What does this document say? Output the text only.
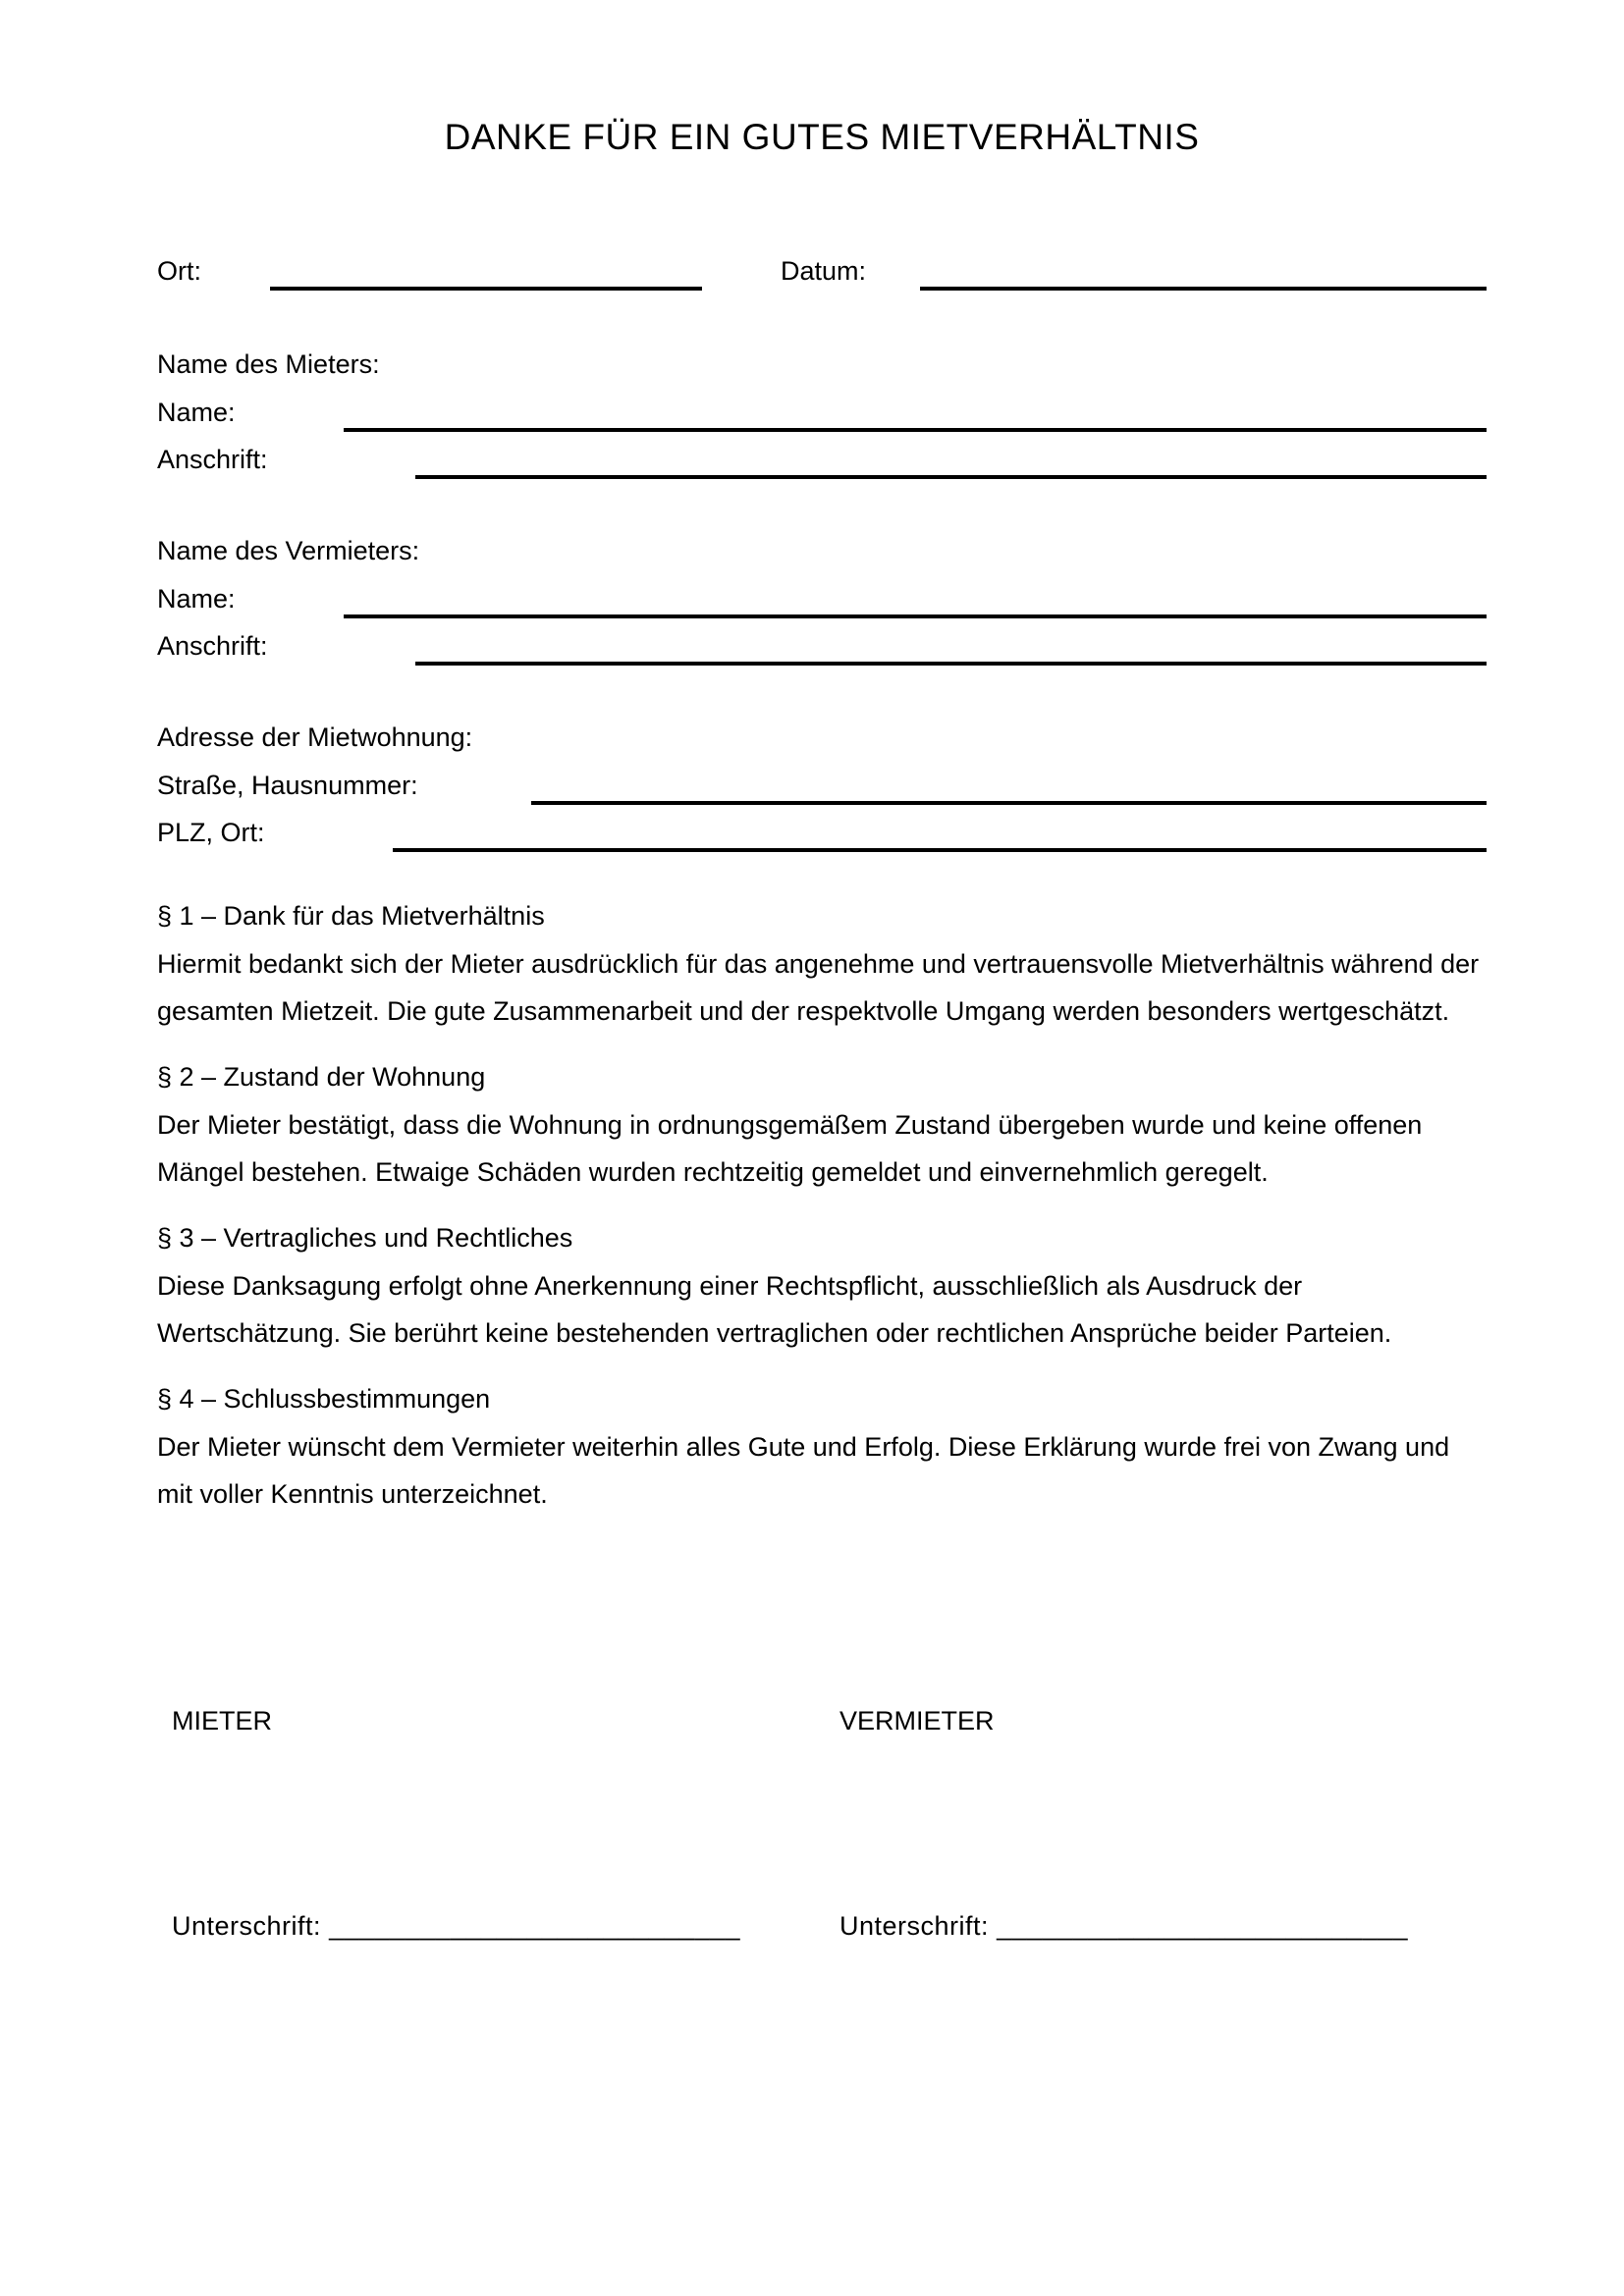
DANKE FÜR EIN GUTES MIETVERHÄLTNIS
Ort:	Datum:
Name des Mieters:
Name:
Anschrift:
Name des Vermieters:
Name:
Anschrift:
Adresse der Mietwohnung:
Straße, Hausnummer:
PLZ, Ort:
§ 1 – Dank für das Mietverhältnis
Hiermit bedankt sich der Mieter ausdrücklich für das angenehme und vertrauensvolle Mietverhältnis während der gesamten Mietzeit. Die gute Zusammenarbeit und der respektvolle Umgang werden besonders wertgeschätzt.
§ 2 – Zustand der Wohnung
Der Mieter bestätigt, dass die Wohnung in ordnungsgemäßem Zustand übergeben wurde und keine offenen Mängel bestehen. Etwaige Schäden wurden rechtzeitig gemeldet und einvernehmlich geregelt.
§ 3 – Vertragliches und Rechtliches
Diese Danksagung erfolgt ohne Anerkennung einer Rechtspflicht, ausschließlich als Ausdruck der Wertschätzung. Sie berührt keine bestehenden vertraglichen oder rechtlichen Ansprüche beider Parteien.
§ 4 – Schlussbestimmungen
Der Mieter wünscht dem Vermieter weiterhin alles Gute und Erfolg. Diese Erklärung wurde frei von Zwang und mit voller Kenntnis unterzeichnet.
MIETER	VERMIETER
Unterschrift: ___________________________	Unterschrift: ___________________________
